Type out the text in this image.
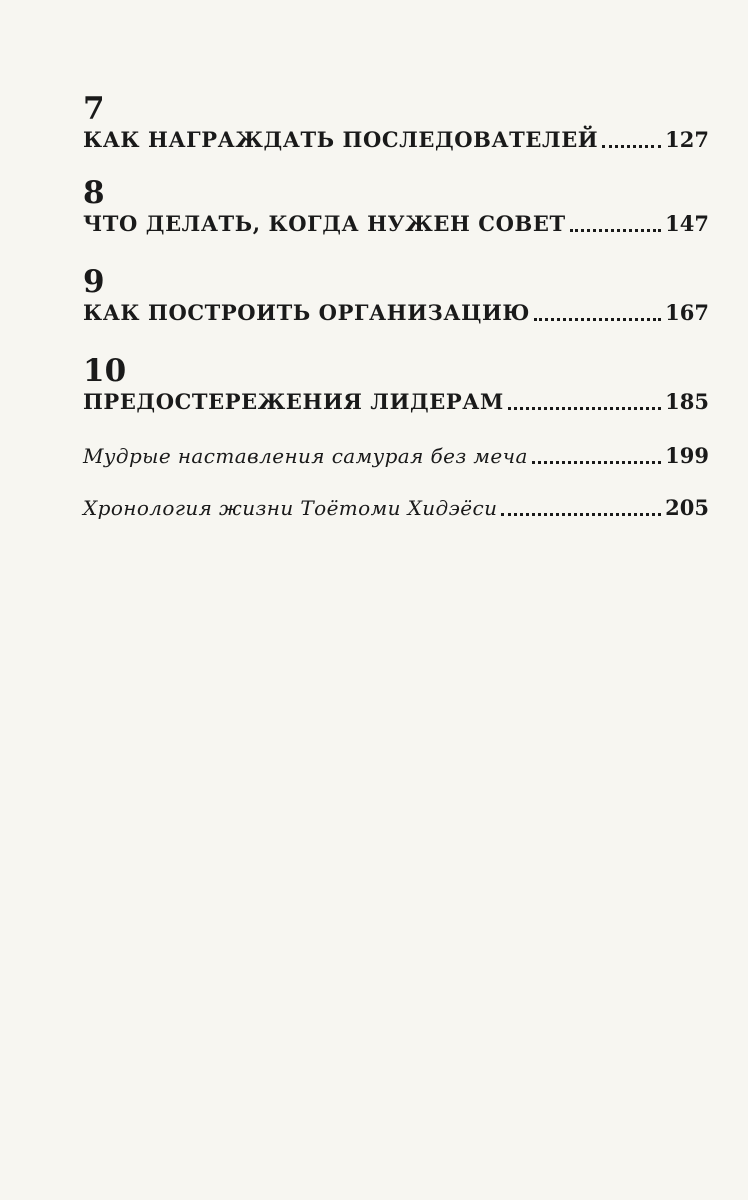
7
КАК НАГРАЖДАТЬ ПОСЛЕДОВАТЕЛЕЙ	127
8
ЧТО ДЕЛАТЬ, КОГДА НУЖЕН СОВЕТ	147
9
КАК ПОСТРОИТЬ ОРГАНИЗАЦИЮ	167
10
ПРЕДОСТЕРЕЖЕНИЯ ЛИДЕРАМ	185
Мудрые наставления самурая без меча	199
Хронология жизни Тоётоми Хидэёси	205
